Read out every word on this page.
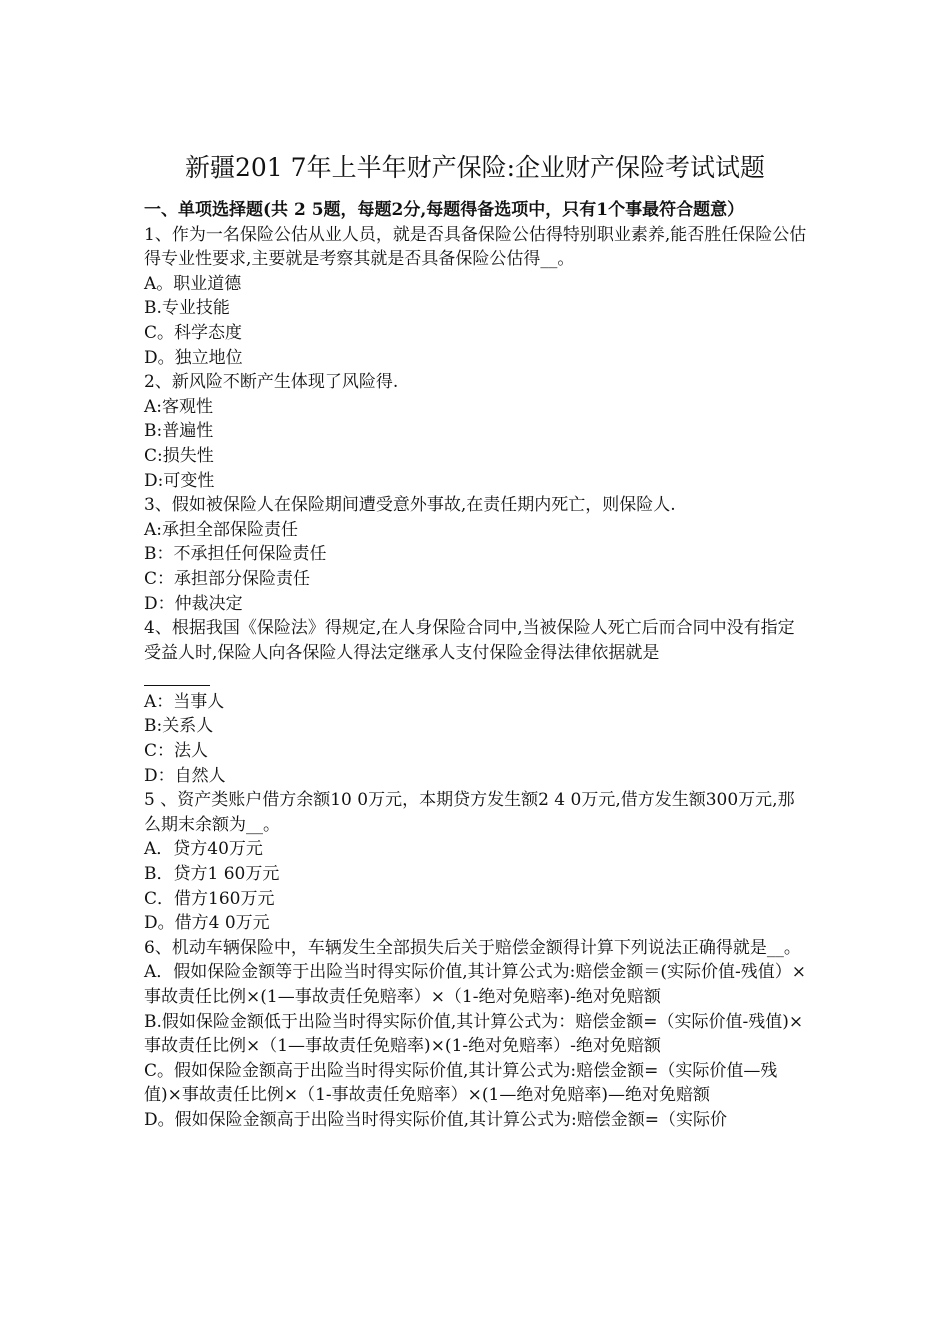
新疆201 7年上半年财产保险:企业财产保险考试试题
一、单项选择题(共 2 5题，每题2分,每题得备选项中，只有1个事最符合题意）
1、作为一名保险公估从业人员，就是否具备保险公估得特别职业素养,能否胜任保险公估得专业性要求,主要就是考察其就是否具备保险公估得__。
A。职业道德
B.专业技能
C。科学态度
D。独立地位
2、新风险不断产生体现了风险得.
A:客观性
B:普遍性
C:损失性
D:可变性
3、假如被保险人在保险期间遭受意外事故,在责任期内死亡，则保险人.
A:承担全部保险责任
B：不承担任何保险责任
C：承担部分保险责任
D：仲裁决定
4、根据我国《保险法》得规定,在人身保险合同中,当被保险人死亡后而合同中没有指定受益人时,保险人向各保险人得法定继承人支付保险金得法律依据就是
A：当事人
B:关系人
C：法人
D：自然人
5 、资产类账户借方余额10 0万元，本期贷方发生额2 4 0万元,借方发生额300万元,那么期末余额为__。
A．贷方40万元
B．贷方1 60万元
C．借方160万元
D。借方4 0万元
6、机动车辆保险中，车辆发生全部损失后关于赔偿金额得计算下列说法正确得就是__。
A．假如保险金额等于出险当时得实际价值,其计算公式为:赔偿金额＝(实际价值-残值）×事故责任比例×(1—事故责任免赔率）×（1-绝对免赔率)-绝对免赔额
B.假如保险金额低于出险当时得实际价值,其计算公式为：赔偿金额=（实际价值-残值)×事故责任比例×（1—事故责任免赔率)×(1-绝对免赔率）-绝对免赔额
C。假如保险金额高于出险当时得实际价值,其计算公式为:赔偿金额=（实际价值—残值)×事故责任比例×（1-事故责任免赔率）×(1—绝对免赔率)—绝对免赔额
D。假如保险金额高于出险当时得实际价值,其计算公式为:赔偿金额=（实际价
